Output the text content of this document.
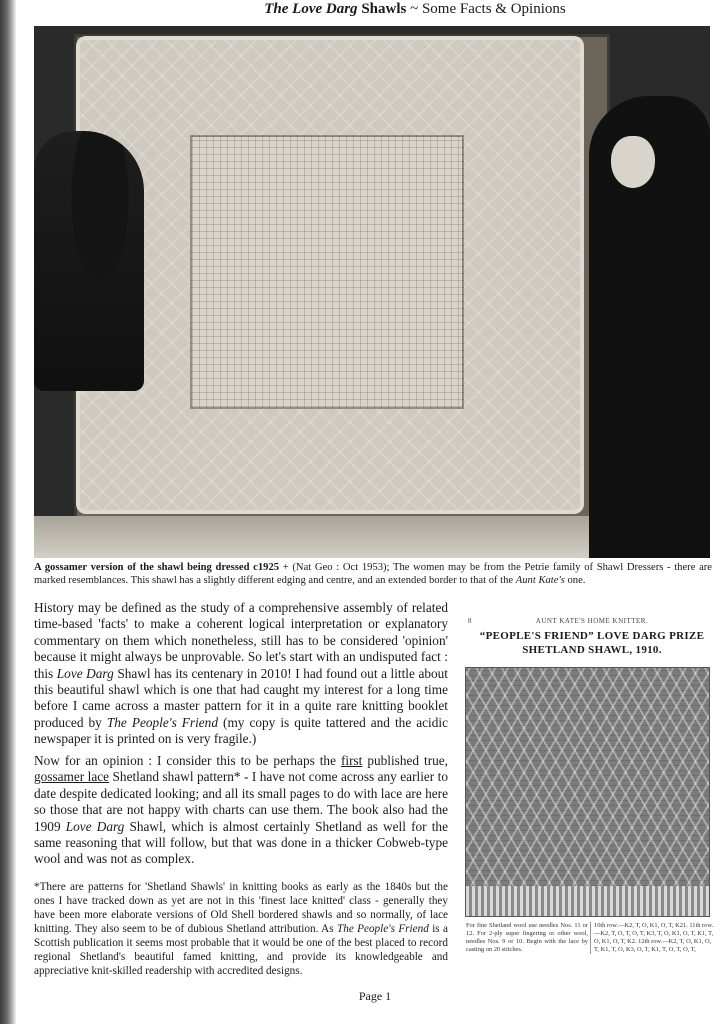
The Love Darg Shawls ~ Some Facts & Opinions
A gossamer version of the shawl being dressed c1925 + (Nat Geo : Oct 1953); The women may be from the Petrie family of Shawl Dressers - there are marked resemblances. This shawl has a slightly different edging and centre, and an extended border to that of the Aunt Kate's one.

History may be defined as the study of a comprehensive assembly of related time-based 'facts' to make a coherent logical interpretation or explanatory commentary on them which nonetheless, still has to be considered 'opinion' because it might always be unprovable. So let's start with an undisputed fact : this Love Darg Shawl has its centenary in 2010! I had found out a little about this beautiful shawl which is one that had caught my interest for a long time before I came across a master pattern for it in a quite rare knitting booklet produced by The People's Friend (my copy is quite tattered and the acidic newspaper it is printed on is very fragile.)

Now for an opinion : I consider this to be perhaps the first published true, gossamer lace Shetland shawl pattern* - I have not come across any earlier to date despite dedicated looking; and all its small pages to do with lace are here so those that are not happy with charts can use them. The book also had the 1909 Love Darg Shawl, which is almost certainly Shetland as well for the same reasoning that will follow, but that was done in a thicker Cobweb-type wool and was not as complex.

*There are patterns for 'Shetland Shawls' in knitting books as early as the 1840s but the ones I have tracked down as yet are not in this 'finest lace knitted' class - generally they have been more elaborate versions of Old Shell bordered shawls and so normally, of lace knitting. They also seem to be of dubious Shetland attribution. As The People's Friend is a Scottish publication it seems most probable that it would be one of the best placed to record regional Shetland's beautiful famed knitting, and provide its knowledgeable and appreciative knit-skilled readership with accredited designs.
8	AUNT KATE'S HOME KNITTER.
“PEOPLE'S FRIEND” LOVE DARG PRIZE
SHETLAND SHAWL, 1910.
For fine Shetland wool use needles Nos. 11 or 12. For 2-ply super fingering or other wool, needles Nos. 9 or 10. Begin with the lace by casting on 20 stitches.
10th row.—K2, T, O, K1, O, T, K21. 11th row.—K2, T, O, T, O, T, K3, T, O, K1, O, T, K1, T, O, K1, O, T, K2. 12th row.—K2, T, O, K1, O, T, K1, T, O, K3, O, T, K1, T, O, T, O, T,
Page 1
